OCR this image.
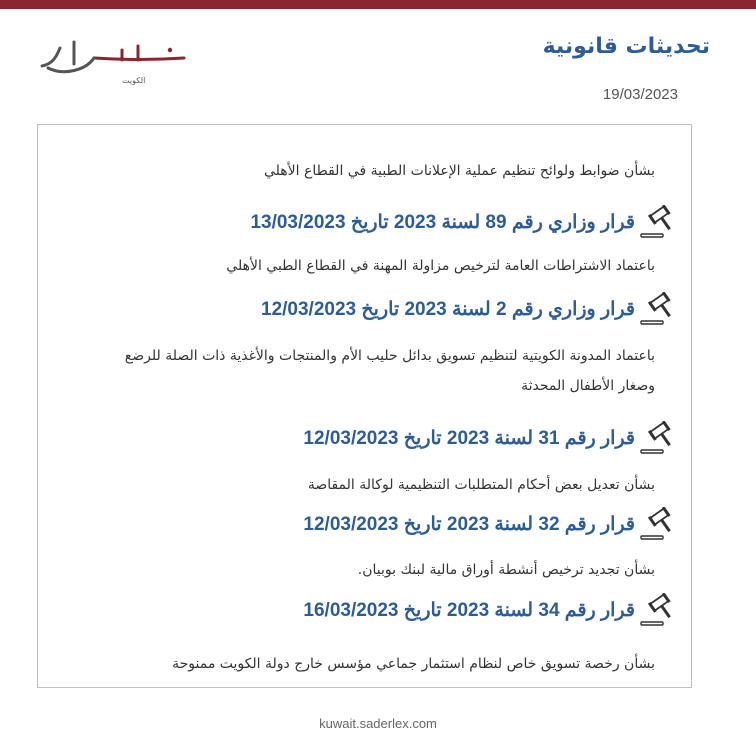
الكويت
تحديثات قانونية
19/03/2023
بشأن ضوابط ولوائح تنظيم عملية الإعلانات الطبية في القطاع الأهلي
قرار وزاري رقم 89 لسنة 2023 تاريخ 13/03/2023
باعتماد الاشتراطات العامة لترخيص مزاولة المهنة في القطاع الطبي الأهلي
قرار وزاري رقم 2 لسنة 2023 تاريخ 12/03/2023
باعتماد المدونة الكويتية لتنظيم تسويق بدائل حليب الأم والمنتجات والأغذية ذات الصلة للرضع وصغار الأطفال المحدثة
قرار رقم 31 لسنة 2023 تاريخ 12/03/2023
بشأن تعديل بعض أحكام المتطلبات التنظيمية لوكالة المقاصة
قرار رقم 32 لسنة 2023 تاريخ 12/03/2023
بشأن تجديد ترخيص أنشطة أوراق مالية لبنك بوبيان.
قرار رقم 34 لسنة 2023 تاريخ 16/03/2023
بشأن رخصة تسويق خاص لنظام استثمار جماعي مؤسس خارج دولة الكويت ممنوحة
kuwait.saderlex.com
